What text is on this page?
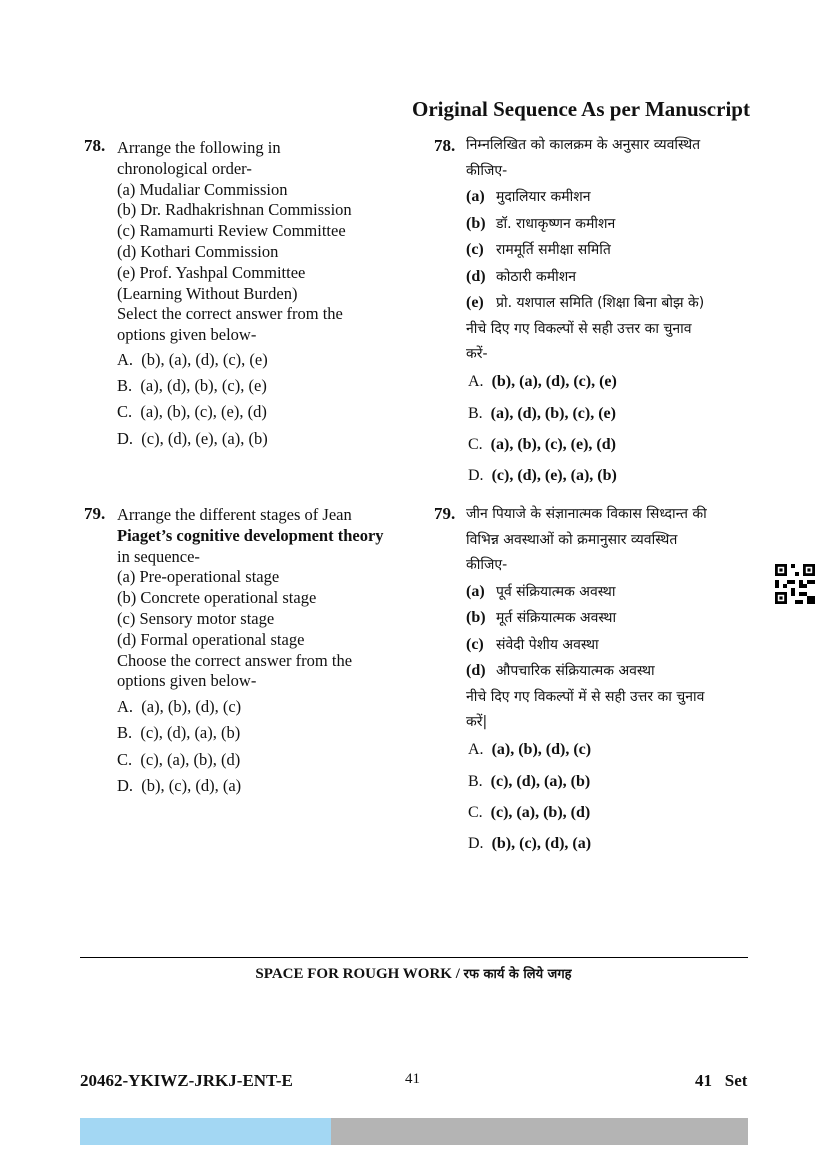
Original Sequence As per Manuscript
78. Arrange the following in
chronological order-
(a) Mudaliar Commission
(b) Dr. Radhakrishnan Commission
(c) Ramamurti Review Committee
(d) Kothari Commission
(e) Prof. Yashpal Committee
(Learning Without Burden)
Select the correct answer from the
options given below-
A. (b), (a), (d), (c), (e)
B. (a), (d), (b), (c), (e)
C. (a), (b), (c), (e), (d)
D. (c), (d), (e), (a), (b)
78. निम्नलिखित को कालक्रम के अनुसार व्यवस्थित
कीजिए-
(a) मुदालियार कमीशन
(b) डॉ. राधाकृष्णन कमीशन
(c) राममूर्ति समीक्षा समिति
(d) कोठारी कमीशन
(e) प्रो. यशपाल समिति (शिक्षा बिना बोझ के)
नीचे दिए गए विकल्पों से सही उत्तर का चुनाव
करें-
A. (b), (a), (d), (c), (e)
B. (a), (d), (b), (c), (e)
C. (a), (b), (c), (e), (d)
D. (c), (d), (e), (a), (b)
79. Arrange the different stages of Jean
Piaget’s cognitive development theory
in sequence-
(a) Pre-operational stage
(b) Concrete operational stage
(c) Sensory motor stage
(d) Formal operational stage
Choose the correct answer from the
options given below-
A. (a), (b), (d), (c)
B. (c), (d), (a), (b)
C. (c), (a), (b), (d)
D. (b), (c), (d), (a)
79. जीन पियाजे के संज्ञानात्मक विकास सिध्दान्त की
विभिन्न अवस्थाओं को क्रमानुसार व्यवस्थित
कीजिए-
(a) पूर्व संक्रियात्मक अवस्था
(b) मूर्त संक्रियात्मक अवस्था
(c) संवेदी पेशीय अवस्था
(d) औपचारिक संक्रियात्मक अवस्था
नीचे दिए गए विकल्पों में से सही उत्तर का चुनाव
करें|
A. (a), (b), (d), (c)
B. (c), (d), (a), (b)
C. (c), (a), (b), (d)
D. (b), (c), (d), (a)
SPACE FOR ROUGH WORK / रफ कार्य के लिये जगह
20462-YKIWZ-JRKJ-ENT-E	41	41   Set
